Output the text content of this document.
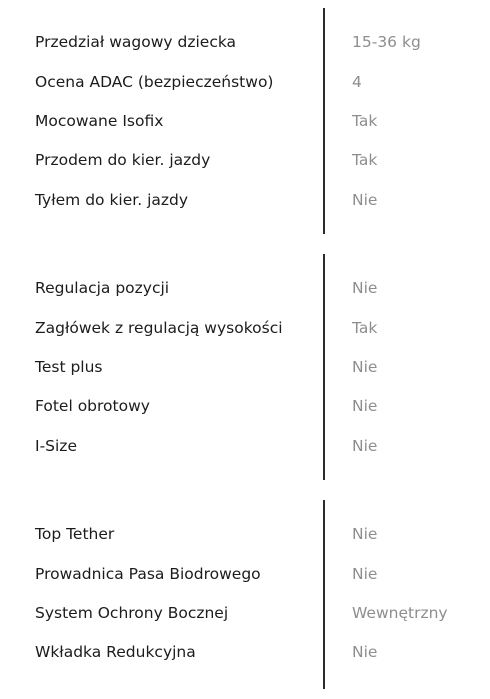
Przedział wagowy dziecka	15-36 kg
Ocena ADAC (bezpieczeństwo)	4
Mocowane Isofix	Tak
Przodem do kier. jazdy	Tak
Tyłem do kier. jazdy	Nie
Regulacja pozycji	Nie
Zagłówek z regulacją wysokości	Tak
Test plus	Nie
Fotel obrotowy	Nie
I-Size	Nie
Top Tether	Nie
Prowadnica Pasa Biodrowego	Nie
System Ochrony Bocznej	Wewnętrzny
Wkładka Redukcyjna	Nie
